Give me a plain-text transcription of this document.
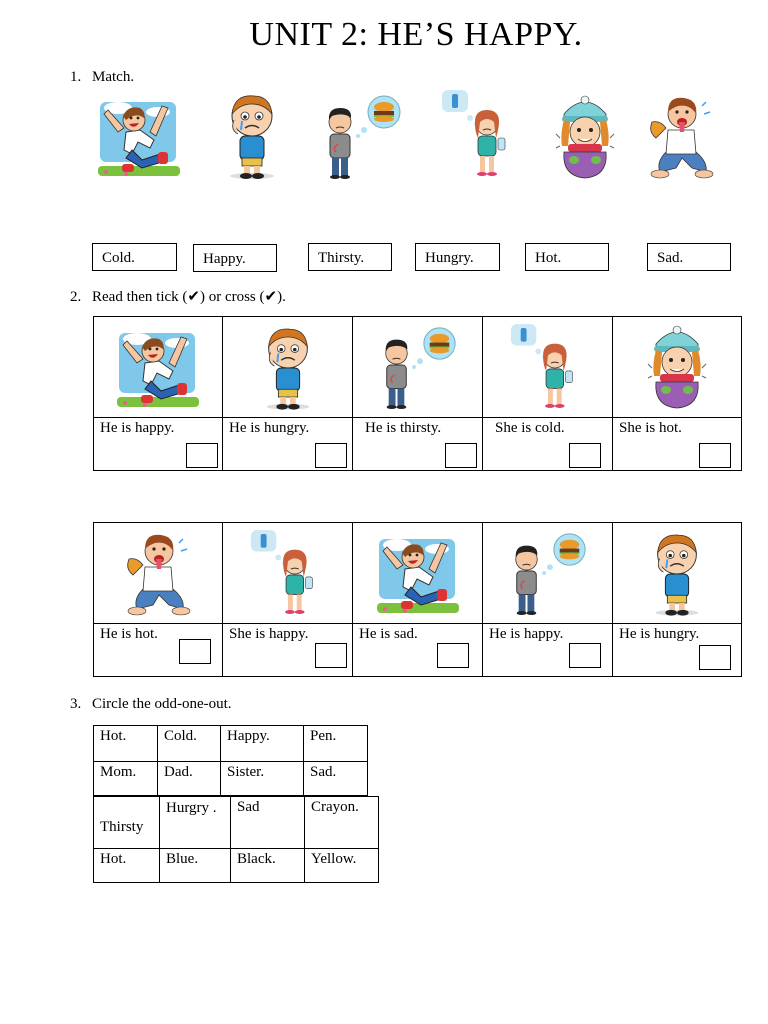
UNIT 2: HE’S HAPPY.
1. Match.
Cold.	Happy.	Thirsty.	Hungry.	Hot.	Sad.
2. Read then tick (✔) or cross (✔).

He is happy.	He is hungry.	He is thirsty.	She is cold.	She is hot.

He is hot.	She is happy.	He is sad.	He is happy.	He is hungry.
3. Circle the odd-one-out.
Hot.	Cold.	Happy.	Pen.
Mom.	Dad.	Sister.	Sad.
Thirsty	Hurgry .	Sad	Crayon.
Hot.	Blue.	Black.	Yellow.
